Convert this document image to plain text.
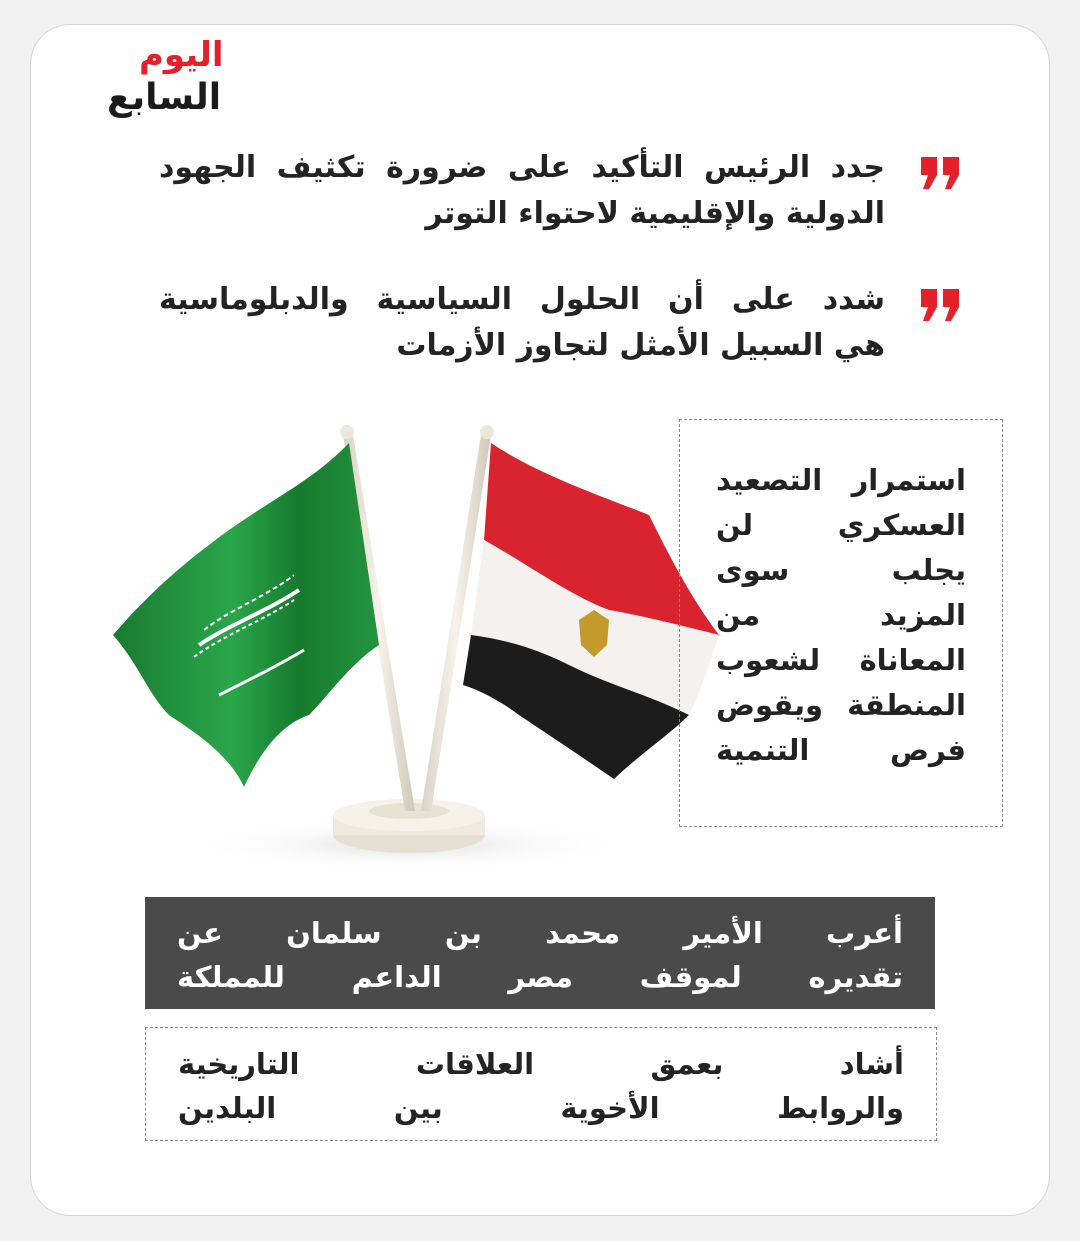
اليوم
السابع
جدد الرئيس التأكيد على ضرورة تكثيف الجهود
الدولية والإقليمية لاحتواء التوتر
شدد على أن الحلول السياسية والدبلوماسية
هي السبيل الأمثل لتجاوز الأزمات
استمرار التصعيد
العسكري لن
يجلب سوى
المزيد من
المعاناة لشعوب
المنطقة ويقوض
فرص التنمية
أعرب الأمير محمد بن سلمان عن
تقديره لموقف مصر الداعم للمملكة
أشاد بعمق العلاقات التاريخية
والروابط الأخوية بين البلدين
